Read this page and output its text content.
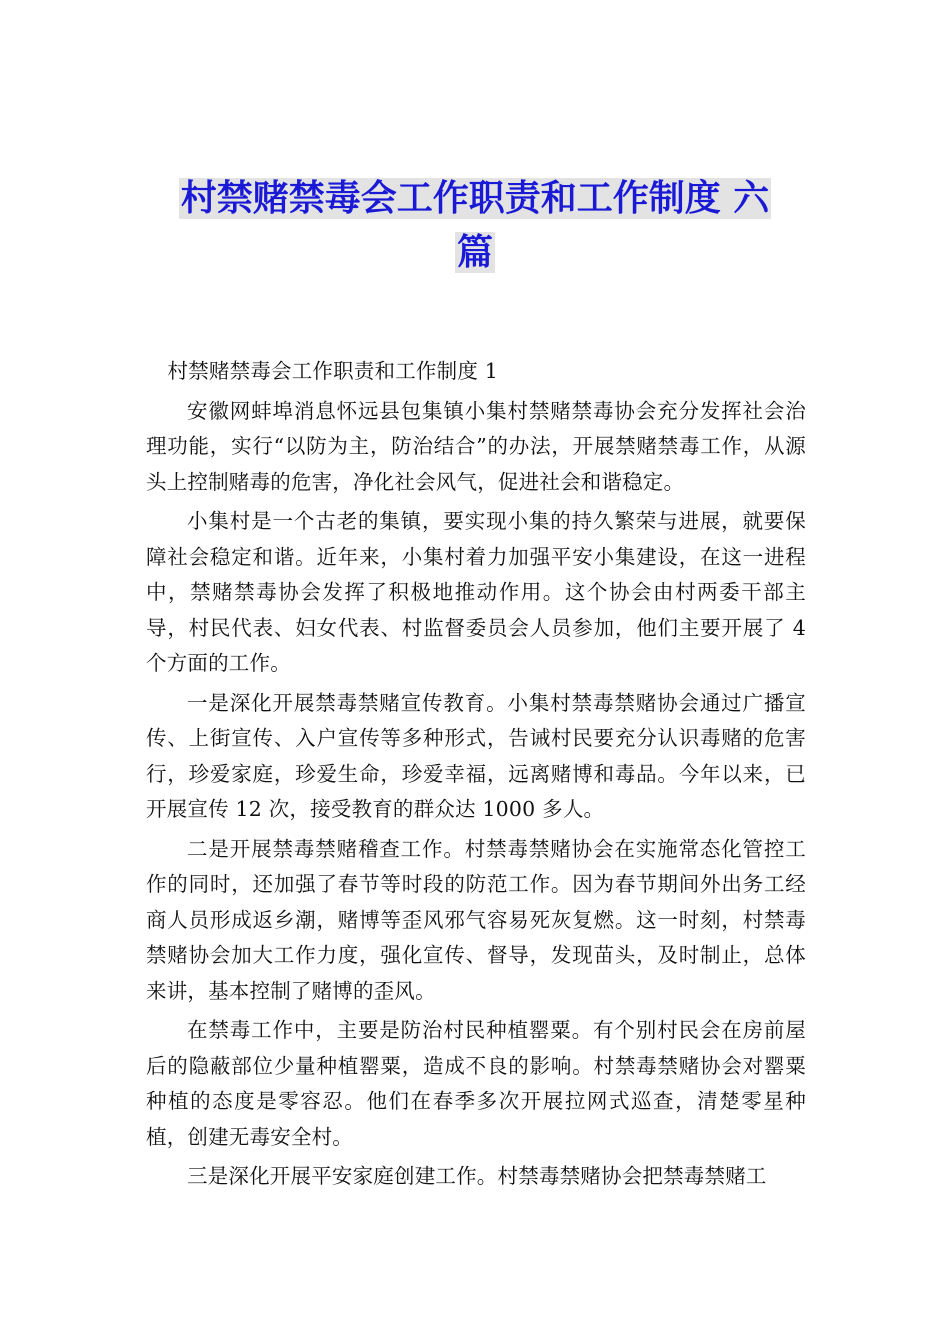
村禁赌禁毒会工作职责和工作制度 六
篇

村禁赌禁毒会工作职责和工作制度 1

安徽网蚌埠消息怀远县包集镇小集村禁赌禁毒协会充分发挥社会治理功能，实行“以防为主，防治结合”的办法，开展禁赌禁毒工作，从源头上控制赌毒的危害，净化社会风气，促进社会和谐稳定。

小集村是一个古老的集镇，要实现小集的持久繁荣与进展，就要保障社会稳定和谐。近年来，小集村着力加强平安小集建设，在这一进程中，禁赌禁毒协会发挥了积极地推动作用。这个协会由村两委干部主导，村民代表、妇女代表、村监督委员会人员参加，他们主要开展了 4 个方面的工作。

一是深化开展禁毒禁赌宣传教育。小集村禁毒禁赌协会通过广播宣传、上街宣传、入户宣传等多种形式，告诫村民要充分认识毒赌的危害行，珍爱家庭，珍爱生命，珍爱幸福，远离赌博和毒品。今年以来，已开展宣传 12 次，接受教育的群众达 1000 多人。

二是开展禁毒禁赌稽查工作。村禁毒禁赌协会在实施常态化管控工作的同时，还加强了春节等时段的防范工作。因为春节期间外出务工经商人员形成返乡潮，赌博等歪风邪气容易死灰复燃。这一时刻，村禁毒禁赌协会加大工作力度，强化宣传、督导，发现苗头，及时制止，总体来讲，基本控制了赌博的歪风。

在禁毒工作中，主要是防治村民种植罂粟。有个别村民会在房前屋后的隐蔽部位少量种植罂粟，造成不良的影响。村禁毒禁赌协会对罂粟种植的态度是零容忍。他们在春季多次开展拉网式巡查，清楚零星种植，创建无毒安全村。

三是深化开展平安家庭创建工作。村禁毒禁赌协会把禁毒禁赌工
